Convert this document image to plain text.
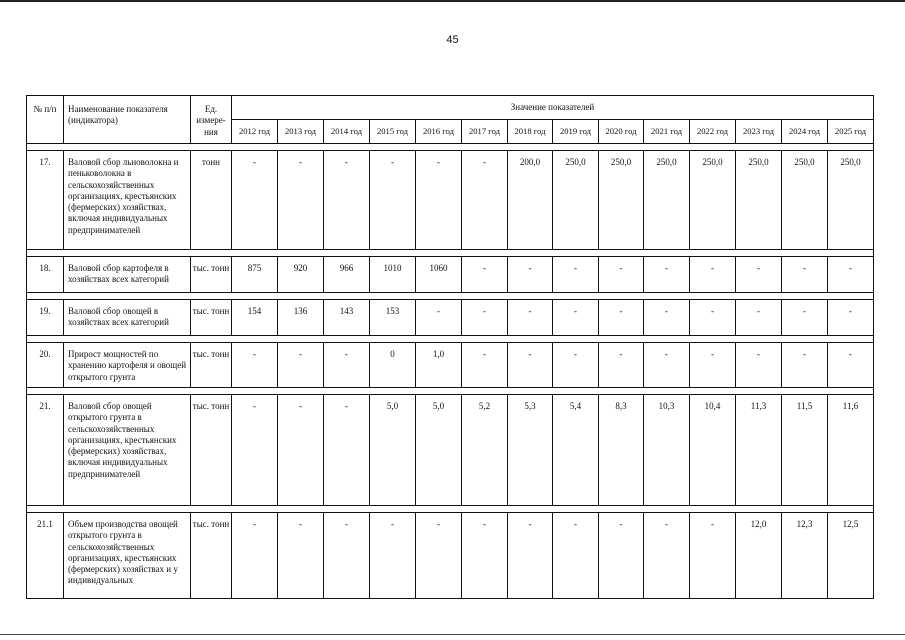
45
№ п/п	Наименование показателя (индикатора)	Ед. измере-ния	Значение показателей													
			2012 год	2013 год	2014 год	2015 год	2016 год	2017 год	2018 год	2019 год	2020 год	2021 год	2022 год	2023 год	2024 год	2025 год

17.	Валовой сбор льноволокна и пеньковолокна в сельскохозяйственных организациях, крестьянских (фермерских) хозяйствах, включая индивидуальных предпринимателей	тонн	-	-	-	-	-	-	200,0	250,0	250,0	250,0	250,0	250,0	250,0	250,0

18.	Валовой сбор картофеля в хозяйствах всех категорий	тыс. тонн	875	920	966	1010	1060	-	-	-	-	-	-	-	-	-

19.	Валовой сбор овощей в хозяйствах всех категорий	тыс. тонн	154	136	143	153	-	-	-	-	-	-	-	-	-	-

20.	Прирост мощностей по хранению картофеля и овощей открытого грунта	тыс. тонн	-	-	-	0	1,0	-	-	-	-	-	-	-	-	-

21.	Валовой сбор овощей открытого грунта в сельскохозяйственных организациях, крестьянских (фермерских) хозяйствах, включая индивидуальных предпринимателей	тыс. тонн	-	-	-	5,0	5,0	5,2	5,3	5,4	8,3	10,3	10,4	11,3	11,5	11,6

21.1	Объем производства овощей открытого грунта в сельскохозяйственных организациях, крестьянских (фермерских) хозяйствах и у индивидуальных	тыс. тонн	-	-	-	-	-	-	-	-	-	-	-	12,0	12,3	12,5
